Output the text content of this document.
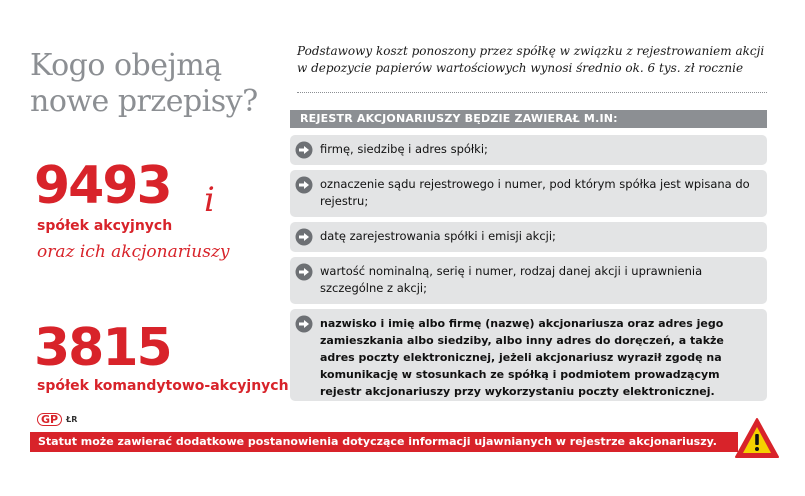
Kogo obejmą nowe przepisy?
Podstawowy koszt ponoszony przez spółkę w związku z rejestrowaniem akcji w depozycie papierów wartościowych wynosi średnio ok. 6 tys. zł rocznie
9493 i
spółek akcyjnych
oraz ich akcjonariuszy
3815
spółek komandytowo-akcyjnych
REJESTR AKCJONARIUSZY BĘDZIE ZAWIERAŁ M.IN:
firmę, siedzibę i adres spółki;
oznaczenie sądu rejestrowego i numer, pod którym spółka jest wpisana do rejestru;
datę zarejestrowania spółki i emisji akcji;
wartość nominalną, serię i numer, rodzaj danej akcji i uprawnienia szczególne z akcji;
nazwisko i imię albo firmę (nazwę) akcjonariusza oraz adres jego zamieszkania albo siedziby, albo inny adres do doręczeń, a także adres poczty elektronicznej, jeżeli akcjonariusz wyraził zgodę na komunikację w stosunkach ze spółką i podmiotem prowadzącym rejestr akcjonariuszy przy wykorzystaniu poczty elektronicznej.
GP	ŁR
Statut może zawierać dodatkowe postanowienia dotyczące informacji ujawnianych w rejestrze akcjonariuszy.
